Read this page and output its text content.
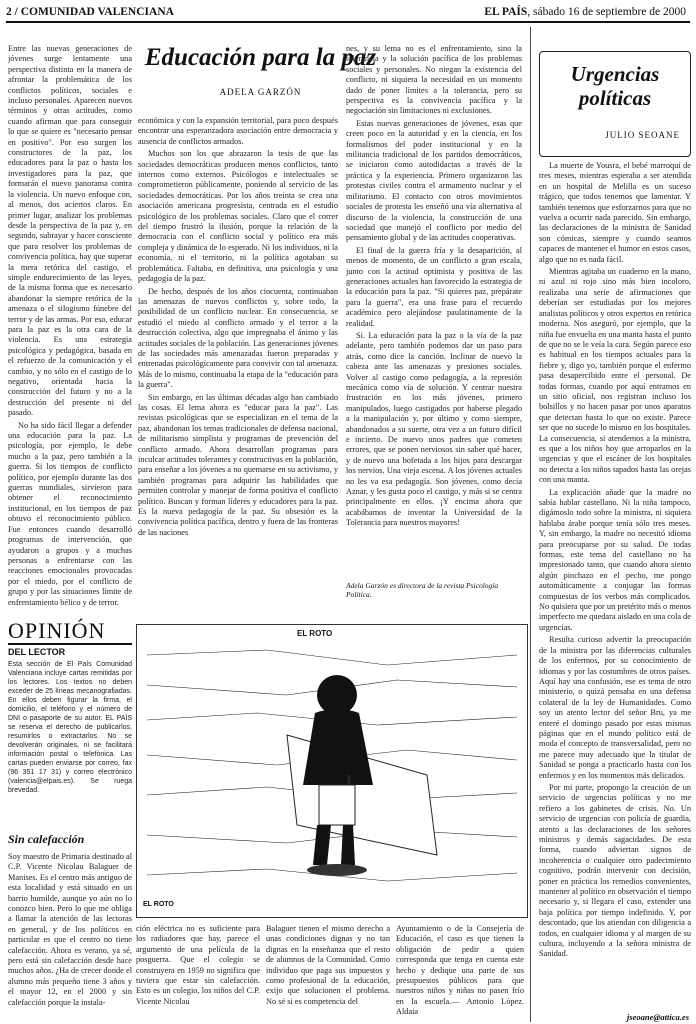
2 / COMUNIDAD VALENCIANA	EL PAÍS, sábado 16 de septiembre de 2000

Entre las nuevas generaciones de jóvenes surge lentamente una perspectiva distinta en la manera de afrontar la problemática de los conflictos políticos, sociales e incluso personales. Aparecen nuevos términos y otras actitudes, como cuando afirman que para conseguir lo que se quiere es "necesario pensar en positivo". Por eso surgen los constructores de la paz, los educadores para la paz o hasta los investigadores para la paz, que formarán el nuevo panorama contra la violencia. Un nuevo enfoque con, al menos, dos aciertos claros. En primer lugar, analizar los problemas desde la perspectiva de la paz y, en segundo, subrayar y hacer consciente que para resolver los problemas de convivencia política, hay que superar la mera retórica del castigo, el simple endurecimiento de las leyes, de la misma forma que es necesario abandonar la siempre retórica de la amenaza o el silogismo fúnebre del terror y de las armas. Por eso, educar para la paz es la otra cara de la violencia. Es una estrategia psicológica y pedagógica, basada en el refuerzo de la comunicación y el cambio, y no sólo en el castigo de lo negativo, orientada hacia la construcción del futuro y no a la destrucción del presente ni del pasado.

No ha sido fácil llegar a defender una educación para la paz. La psicología, por ejemplo, le debe mucho a la paz, pero también a la guerra. Si los tiempos de conflicto político, por ejemplo durante las dos guerras mundiales, sirvieron para obtener el reconocimiento institucional, en los tiempos de paz obtuvo el reconocimiento público. Fue entonces cuando desarrolló programas de intervención, que ayudaron a grupos y a muchas personas a enfrentarse con las reacciones emocionales provocadas por el miedo, por el conflicto de grupo y por las situaciones límite de enfrentamiento bélico y de terror.

Educación para la paz
ADELA GARZÓN

económica y con la expansión territorial, para poco después encontrar una esperanzadora asociación entre democracia y ausencia de conflictos armados.

Muchos son los que abrazaron la tesis de que las sociedades democráticas producen menos conflictos, tanto internos como externos. Psicólogos e intelectuales se comprometieron públicamente, poniendo al servicio de las sociedades democráticas. Por los años treinta se crea una asociación americana progresista, centrada en el estudio psicológico de los problemas sociales. Claro que el correr del tiempo frustró la ilusión, porque la relación de la democracia con el conflicto social y político era más compleja y dinámica de lo esperado. Ni los individuos, ni la economía, ni el territorio, ni la política agotaban su problemática. Faltaba, en definitiva, una psicología y una pedagogía de la paz.

De hecho, después de los años cincuenta, continuaban las amenazas de nuevos conflictos y, sobre todo, la posibilidad de un conflicto nuclear. En consecuencia, se estudió el miedo al conflicto armado y el terror a la destrucción colectiva, algo que impregnaba el ánimo y las actitudes sociales de la población. Las generaciones jóvenes de las sociedades más amenazadas fueron preparadas y entrenadas psicológicamente para convivir con tal amenaza. Más de lo mismo, continuaba la etapa de la "educación para la guerra".

Sin embargo, en las últimas décadas algo han cambiado las cosas. El lema ahora es "educar para la paz". Las revistas psicológicas que se especializan en el tema de la paz, abandonan los temas tradicionales de defensa nacional, de militarismo simplista y programas de prevención del conflicto armado. Ahora desarrollan programas para inculcar actitudes tolerantes y constructivas en la población, para enseñar a los jóvenes a no quemarse en su activismo, y también programas para adquirir las habilidades que permiten controlar y manejar de forma positiva el conflicto político. Buscan y forman líderes y educadores para la paz. Es la nueva pedagogía de la paz. Su obsesión es la convivencia política pacífica, dentro y fuera de las fronteras de las naciones

nes, y su lema no es el enfrentamiento, sino la tolerancia y la solución pacífica de los problemas sociales y personales. No niegan la existencia del conflicto, ni siquiera la necesidad en un momento dado de poner límites a la tolerancia, pero su perspectiva es la convivencia pacífica y la negociación sin limitaciones ni exclusiones.

Estas nuevas generaciones de jóvenes, esas que creen poco en la autoridad y en la ciencia, en los formalismos del poder institucional y en la militancia tradicional de los partidos democráticos, se iniciaron como autodidactas a través de la práctica y la experiencia. Primero organizaron las protestas civiles contra el armamento nuclear y el militarismo. El contacto con otros movimientos sociales de protesta les enseñó una vía alternativa al discurso de la violencia, la construcción de una sociedad que manejó el conflicto por medio del pensamiento global y de las actitudes cooperativas.

El final de la guerra fría y la desaparición, al menos de momento, de un conflicto a gran escala, junto con la actitud optimista y positiva de las generaciones actuales han favorecido la estrategia de la educación para la paz. "Si quieres paz, prepárate para la guerra", era una frase para el recuerdo académico pero alejándose paulatinamente de la realidad.

Sí. La educación para la paz o la vía de la paz adelante, pero también podemos dar un paso para atrás, como dice la canción. Inclinar de nuevo la cabeza ante las amenazas y presiones sociales. Volver al castigo como pedagogía, a la represión mecánica como vía de solución. Y centrar nuestra frustración en los más jóvenes, primero manipulados, luego castigados por haberse plegado a la manipulación y, por último y como siempre, abandonados a su suerte, otra vez a un futuro difícil e incierto. De nuevo unos padres que cometen errores, que se ponen nerviosos sin saber qué hacer, y de nuevo una bofetada a los hijos para descargar los nervios. Una vieja escena. A los jóvenes actuales no les va esa pedagogía. Son jóvenes, como decía Aznar, y les gusta poco el castigo, y más si se centra principalmente en ellos. ¡Y encima ahora que acabábamos de inventar la Universidad de la Tolerancia para nuestros mayores!

Adela Garzón es directora de la revista Psicología Política.
OPINIÓN
DEL LECTOR
Esta sección de El País Comunidad Valenciana incluye cartas remitidas por los lectores. Los textos no deben exceder de 25 líneas mecanografiadas. En ellos deben figurar la firma, el domicilio, el teléfono y el número de DNI o pasaporte de su autor. EL PAÍS se reserva el derecho de publicarlos, resumirlos o extractarlos. No se devolverán originales, ni se facilitará información postal o telefónica. Las cartas pueden enviarse por correo, fax (96 351 17 31) y correo electrónico (valencia@elpais.es). Se ruega brevedad.
EL ROTO
EL ROTO
Sin calefacción

Soy maestro de Primaria destinado al C.P. Vicente Nicolau Balaguer de Manises. Es el centro más antiguo de esta localidad y está situado en un barrio humilde, aunque yo aún no lo conozco bien. Pero lo que me obliga a llamar la atención de las lectoras en general, y de los políticos en particular es que el centro no tiene calefacción. Ahora es verano, ya sé, pero está sin calefacción desde hace muchos años. ¿Ha de crecer donde el alumno más pequeño tiene 3 años y el mayor 12, en el 2000 y sin calefacción porque la instala-

ción eléctrica no es suficiente para los radiadores que hay, parece el argumento de una película de la posguerra. Que el colegio se construyera en 1959 no significa que tuviera que estar sin calefacción. Esto es un colegio, los niños del C.P. Vicente Nicolau

Balaguer tienen el mismo derecho a unas condiciones dignas y no tan dignas en la enseñanza que el resto de alumnos de la Comunidad. Como individuo que paga sus impuestos y como profesional de la educación, exijo que solucionen el problema. No sé si es competencia del

Ayuntamiento o de la Consejería de Educación, el caso es que tienen la obligación de pedir a quien corresponda que tenga en cuenta este hecho y dedique una parte de sus presupuestos públicos para que nuestros niños y niñas no pasen frío en la escuela.— Antonio López. Aldaia

Urgencias políticas
JULIO SEOANE

La muerte de Yousra, el bebé marroquí de tres meses, mientras esperaba a ser atendida en un hospital de Melilla es un suceso trágico, que todos tenemos que lamentar. Y también tenemos que esforzarnos para que no vuelva a ocurrir nada parecido. Sin embargo, las declaraciones de la ministra de Sanidad son cómicas, siempre y cuando seamos capaces de mantener el humor en estos casos, algo que no es nada fácil.

Mientras agitaba un cuaderno en la mano, ni azul ni rojo sino más bien incoloro, realizaba una serie de afirmaciones que deberían ser estudiadas por los mejores analistas políticos y otros expertos en retórica moderna. Nos aseguró, por ejemplo, que la niña fue envuelta en una manta hasta el punto de que no se le veía la cara. Según parece eso es habitual en los tiempos actuales para la fiebre y, digo yo, también porque el enfermo pasa desapercibido entre el personal. De todas formas, cuando por aquí entramos en un sitio oficial, nos registran incluso los bolsillos y no hacen pasar por unos aparatos que detectan hasta lo que no existe. Parece ser que no sucede lo mismo en los hospitales. La consecuencia, si atendemos a la ministra, es que a los niños hoy que arroparlos en la urgencias y que el escáner de los hospitales no detecta a los niños tapados hasta las orejas con una manta.

La explicación añade que la madre no sabía hablar castellano. Ni la niña tampoco, digámoslo todo sobre la ministra, ni siquiera hablaba árabe porque tenía sólo tres meses. Y, sin embargo, la madre no necesitó idioma para preocuparse por su salud. De todas formas, este tema del castellano no ha impresionado tanto, que cuando ahora siento algún pinchazo en el pecho, me pongo automáticamente a conjugar las formas compuestas de los verbos más complicados. No quisiera que por un pretérito más o menos imperfecto me quedara aislado en una cola de urgencias.

Resulta curioso advertir la preocupación de la ministra por las diferencias culturales de los enfermos, por su conocimiento de idiomas y por las costumbres de otros países. Aquí hay una confusión, ese es tema de otro ministerio, o quizá pensaba en una defensa colateral de la ley de Humanidades. Como soy un atento lector del señor Bru, ya me enteré el domingo pasado por estas mismas páginas que en el mundo político está de moda el concepto de transversalidad, pero no me parece muy adecuado que la titular de Sanidad se ponga a practicarlo hasta con los enfermos y en los momentos más delicados.

Por mi parte, propongo la creación de un servicio de urgencias políticas y no me refiero a los gabinetes de crisis. No. Un servicio de urgencias con policía de guardia, atento a las declaraciones de los señores ministros y demás sagacidades. De esta forma, cuando adviertan signos de incoherencia o cualquier otro padecimiento cognitivo, podrán intervenir con decisión, poner en práctica los remedios convenientes, mantener al político en observación el tiempo necesario y, si llegara el caso, extender una baja política por tiempo indefinido. Y, por descontado, que los atiendan con diligencia a todos, en cualquier idioma y al margen de su cultura, incluyendo a la señora ministra de Sanidad.

jseoane@attica.es
